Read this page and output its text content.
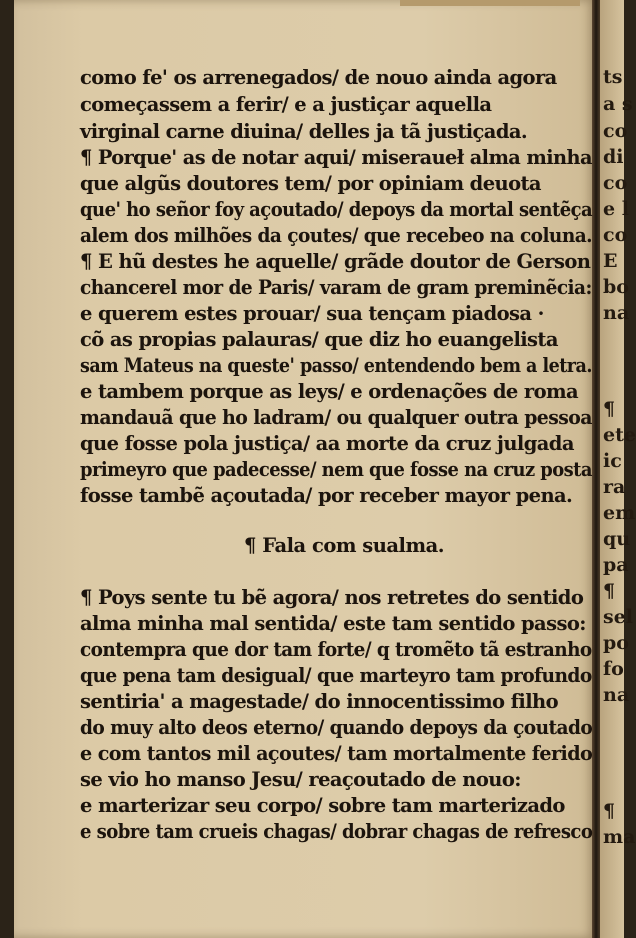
ts
a s
co
di
co
e l
co
E
bo
na
¶
ete
ic
ra
em
qu
pa
¶
sel
po
fo
na
¶
ma
como fe' os arrenegados/ de nouo ainda agora
começassem a ferir/ e a justiçar aquella
virginal carne diuina/ delles ja tã justiçada.
¶ Porque' as de notar aqui/ miseraueł alma minha
que algũs doutores tem/ por opiniam deuota
que' ho señor foy açoutado/ depoys da mortal sentẽça
alem dos milhões da çoutes/ que recebeo na coluna.
¶ E hũ destes he aquelle/ grãde doutor de Gerson
chancerel mor de Paris/ varam de gram preminẽcia:
e querem estes prouar/ sua tençam piadosa ·
cõ as propias palauras/ que diz ho euangelista
sam Mateus na queste' passo/ entendendo bem a letra.
e tambem porque as leys/ e ordenações de roma
mandauã que ho ladram/ ou qualquer outra pessoa
que fosse pola justiça/ aa morte da cruz julgada
primeyro que padecesse/ nem que fosse na cruz posta
fosse tambẽ açoutada/ por receber mayor pena.
¶ Fala com sualma.
¶ Poys sente tu bẽ agora/ nos retretes do sentido
alma minha mal sentida/ este tam sentido passo:
contempra que dor tam forte/ q tromẽto tã estranho
que pena tam desigual/ que marteyro tam profundo
sentiria' a magestade/ do innocentissimo filho
do muy alto deos eterno/ quando depoys da çoutado
e com tantos mil açoutes/ tam mortalmente ferido
se vio ho manso Jesu/ reaçoutado de nouo:
e marterizar seu corpo/ sobre tam marterizado
e sobre tam crueis chagas/ dobrar chagas de refresco
